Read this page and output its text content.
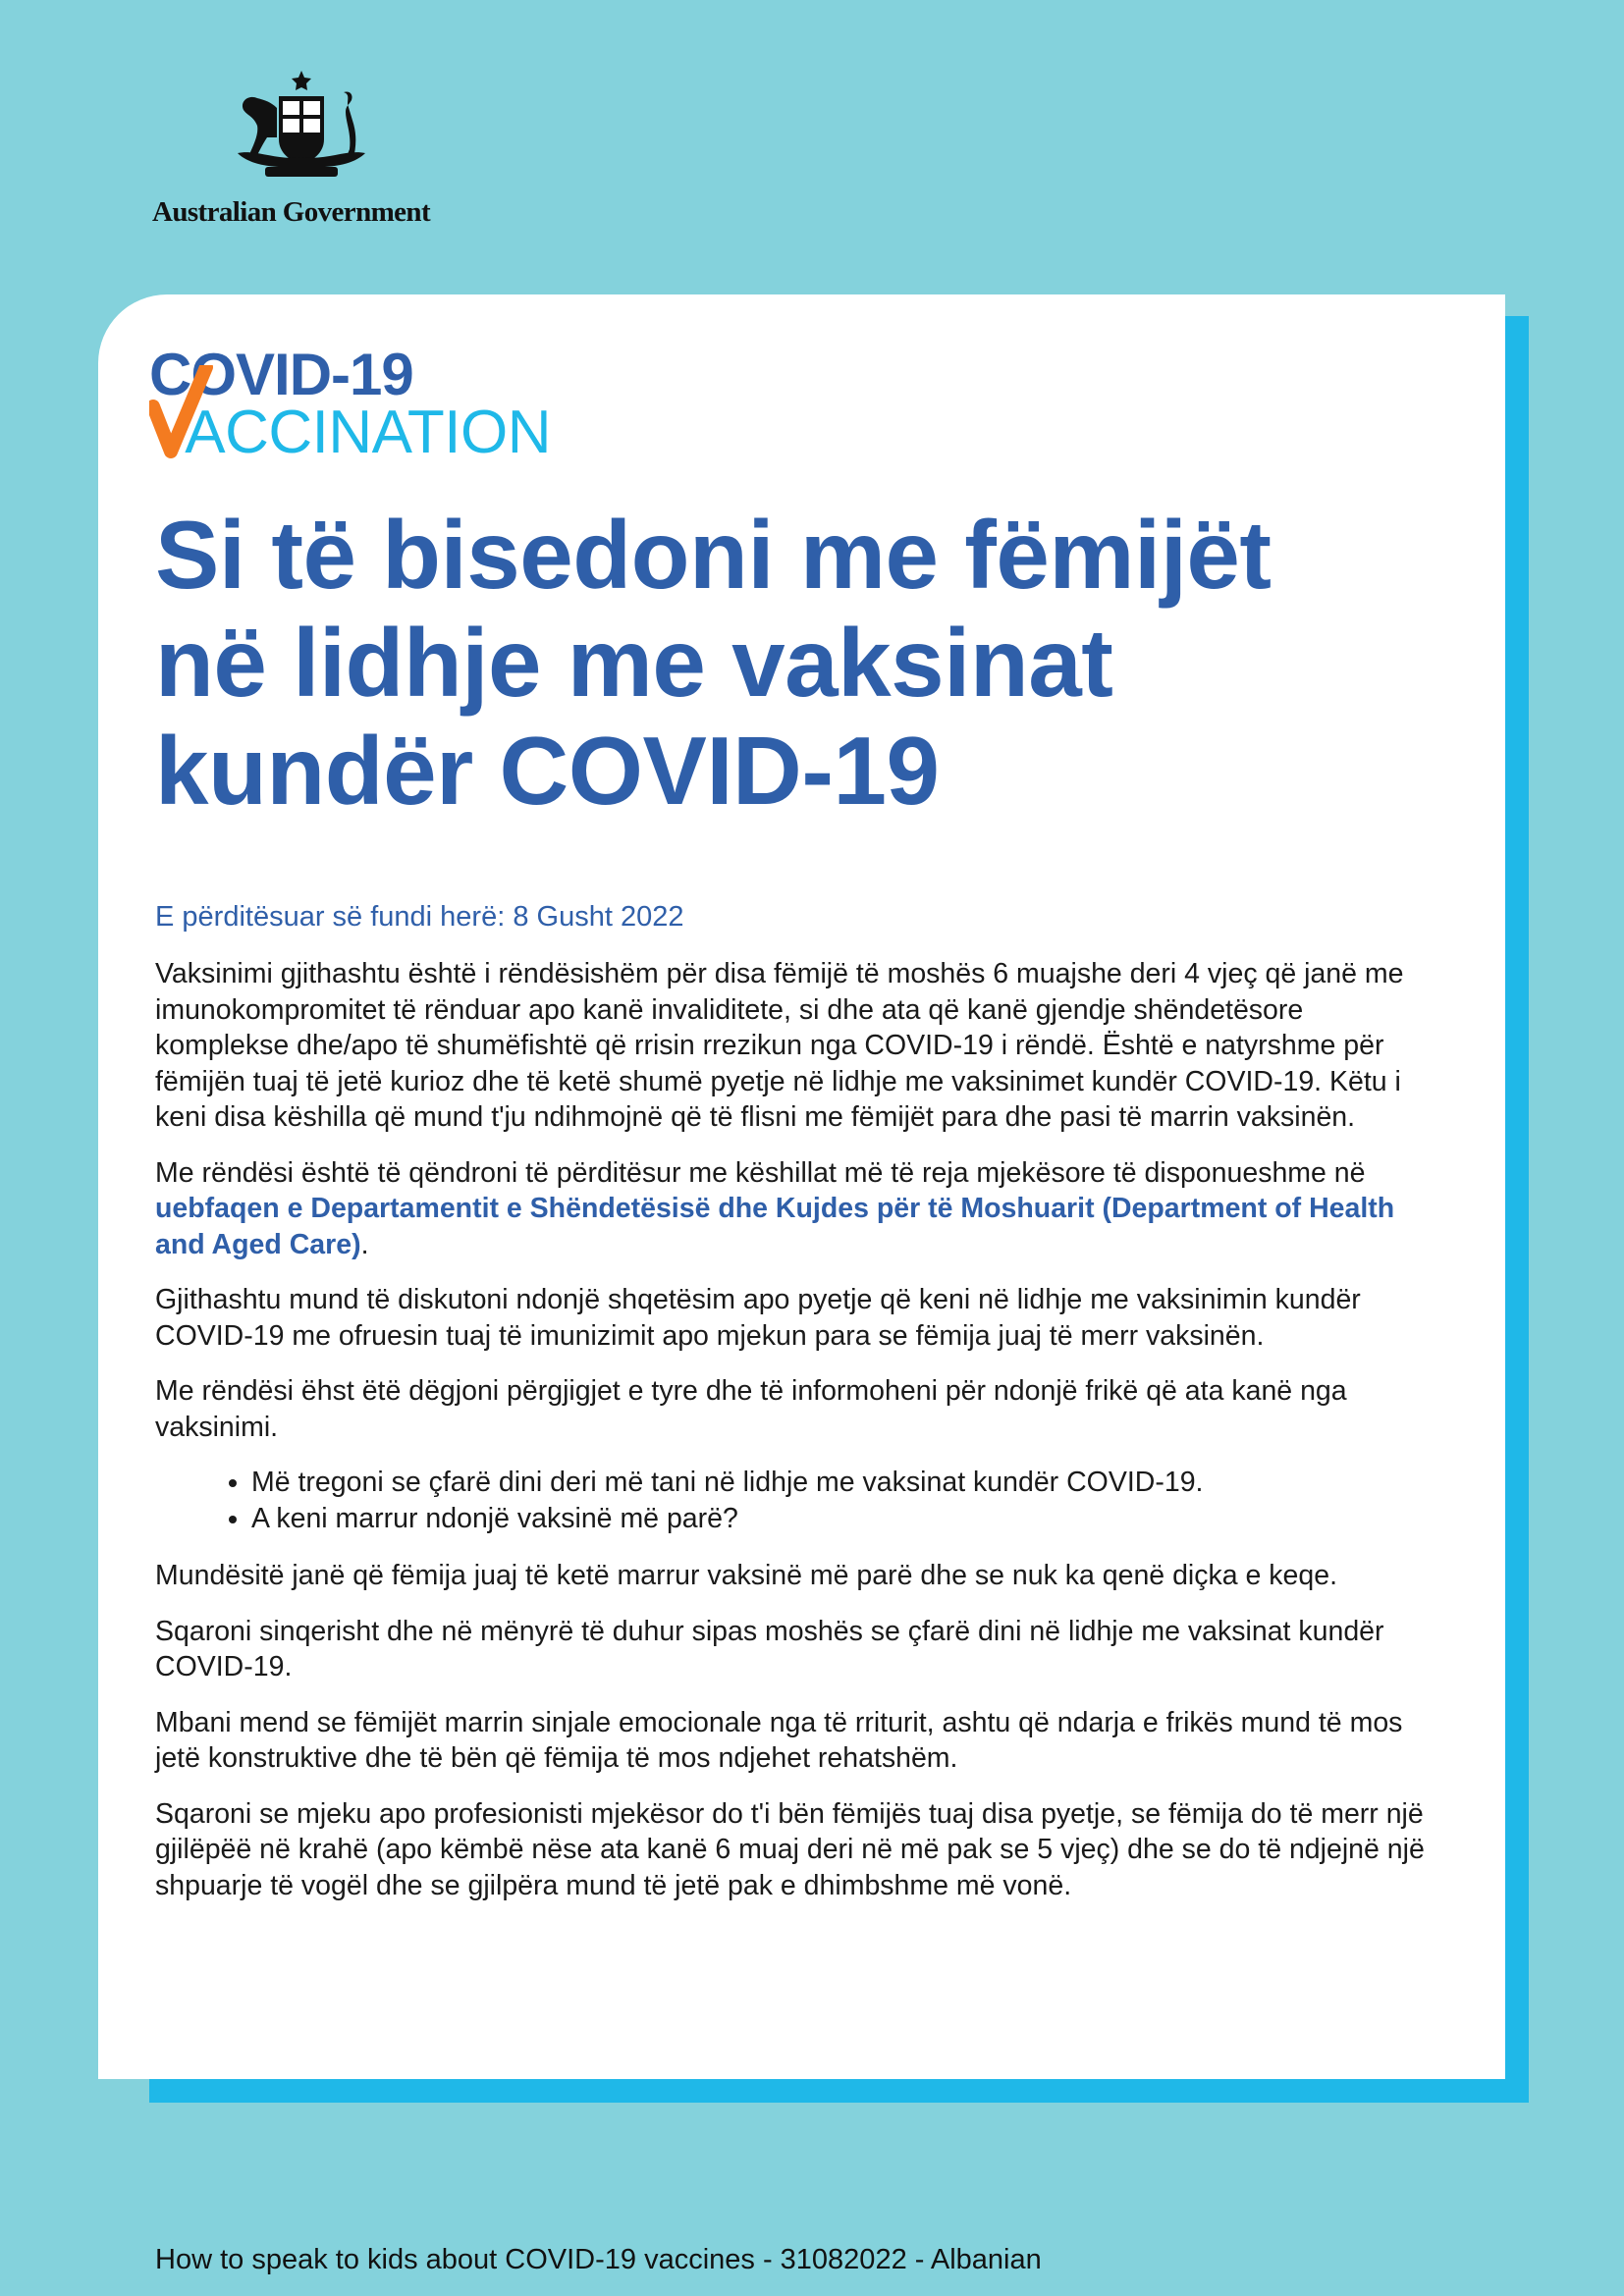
Australian Government
COVID-19
ACCINATION
Si të bisedoni me fëmijët
në lidhje me vaksinat
kundër COVID-19
E përditësuar së fundi herë: 8 Gusht 2022

Vaksinimi gjithashtu është i rëndësishëm për disa fëmijë të moshës 6 muajshe deri 4 vjeç që janë me imunokompromitet të rënduar apo kanë invaliditete, si dhe ata që kanë gjendje shëndetësore komplekse dhe/apo të shumëfishtë që rrisin rrezikun nga COVID-19 i rëndë. Është e natyrshme për fëmijën tuaj të jetë kurioz dhe të ketë shumë pyetje në lidhje me vaksinimet kundër COVID-19. Këtu i keni disa këshilla që mund t'ju ndihmojnë që të flisni me fëmijët para dhe pasi të marrin vaksinën.

Me rëndësi është të qëndroni të përditësur me këshillat më të reja mjekësore të disponueshme në uebfaqen e Departamentit e Shëndetësisë dhe Kujdes për të Moshuarit (Department of Health and Aged Care).

Gjithashtu mund të diskutoni ndonjë shqetësim apo pyetje që keni në lidhje me vaksinimin kundër COVID-19 me ofruesin tuaj të imunizimit apo mjekun para se fëmija juaj të merr vaksinën.

Me rëndësi ëhst ëtë dëgjoni përgjigjet e tyre dhe të informoheni për ndonjë frikë që ata kanë nga vaksinimi.

• Më tregoni se çfarë dini deri më tani në lidhje me vaksinat kundër COVID-19.
• A keni marrur ndonjë vaksinë më parë?

Mundësitë janë që fëmija juaj të ketë marrur vaksinë më parë dhe se nuk ka qenë diçka e keqe.

Sqaroni sinqerisht dhe në mënyrë të duhur sipas moshës se çfarë dini në lidhje me vaksinat kundër COVID-19.

Mbani mend se fëmijët marrin sinjale emocionale nga të rriturit, ashtu që ndarja e frikës mund të mos jetë konstruktive dhe të bën që fëmija të mos ndjehet rehatshëm.

Sqaroni se mjeku apo profesionisti mjekësor do t'i bën fëmijës tuaj disa pyetje, se fëmija do të merr një gjilëpëë në krahë (apo këmbë nëse ata kanë 6 muaj deri në më pak se 5 vjeç) dhe se do të ndjejnë një shpuarje të vogël dhe se gjilpëra mund të jetë pak e dhimbshme më vonë.

How to speak to kids about COVID-19 vaccines - 31082022 - Albanian
